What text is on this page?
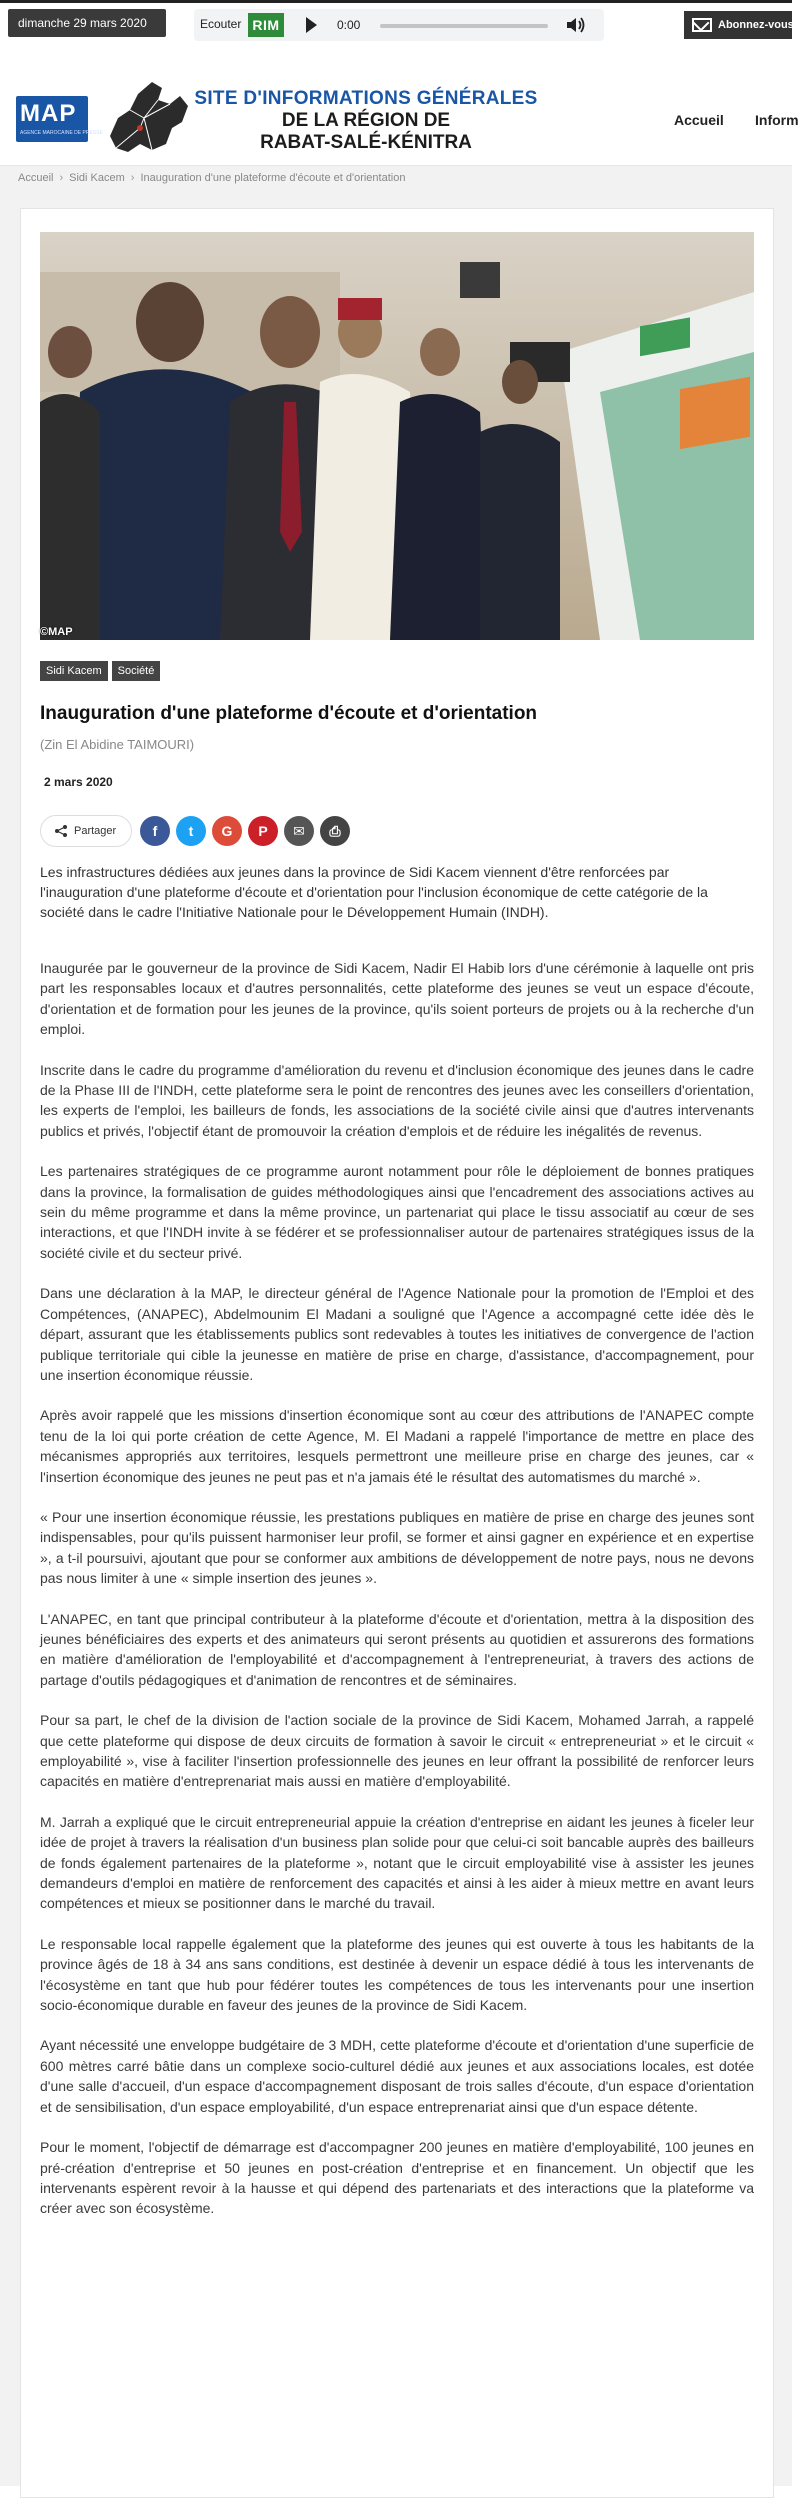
dimanche 29 mars 2020	Ecouter RIM	0:00	Abonnez-vous
MAP
AGENCE MAROCAINE DE PRESSE
SITE D'INFORMATIONS GÉNÉRALES
DE LA RÉGION DE
RABAT-SALÉ-KÉNITRA
Accueil Inform
Accueil › Sidi Kacem › Inauguration d'une plateforme d'écoute et d'orientation
©MAP
Sidi Kacem Société
Inauguration d'une plateforme d'écoute et d'orientation
(Zin El Abidine TAIMOURI)
2 mars 2020
Partager	f	t	G	P	✉	⎙

Les infrastructures dédiées aux jeunes dans la province de Sidi Kacem viennent d'être renforcées par l'inauguration d'une plateforme d'écoute et d'orientation pour l'inclusion économique de cette catégorie de la société dans le cadre l'Initiative Nationale pour le Développement Humain (INDH).

Inaugurée par le gouverneur de la province de Sidi Kacem, Nadir El Habib lors d'une cérémonie à laquelle ont pris part les responsables locaux et d'autres personnalités, cette plateforme des jeunes se veut un espace d'écoute, d'orientation et de formation pour les jeunes de la province, qu'ils soient porteurs de projets ou à la recherche d'un emploi.

Inscrite dans le cadre du programme d'amélioration du revenu et d'inclusion économique des jeunes dans le cadre de la Phase III de l'INDH, cette plateforme sera le point de rencontres des jeunes avec les conseillers d'orientation, les experts de l'emploi, les bailleurs de fonds, les associations de la société civile ainsi que d'autres intervenants publics et privés, l'objectif étant de promouvoir la création d'emplois et de réduire les inégalités de revenus.

Les partenaires stratégiques de ce programme auront notamment pour rôle le déploiement de bonnes pratiques dans la province, la formalisation de guides méthodologiques ainsi que l'encadrement des associations actives au sein du même programme et dans la même province, un partenariat qui place le tissu associatif au cœur de ses interactions, et que l'INDH invite à se fédérer et se professionnaliser autour de partenaires stratégiques issus de la société civile et du secteur privé.

Dans une déclaration à la MAP, le directeur général de l'Agence Nationale pour la promotion de l'Emploi et des Compétences, (ANAPEC), Abdelmounim El Madani a souligné que l'Agence a accompagné cette idée dès le départ, assurant que les établissements publics sont redevables à toutes les initiatives de convergence de l'action publique territoriale qui cible la jeunesse en matière de prise en charge, d'assistance, d'accompagnement, pour une insertion économique réussie.

Après avoir rappelé que les missions d'insertion économique sont au cœur des attributions de l'ANAPEC compte tenu de la loi qui porte création de cette Agence, M. El Madani a rappelé l'importance de mettre en place des mécanismes appropriés aux territoires, lesquels permettront une meilleure prise en charge des jeunes, car « l'insertion économique des jeunes ne peut pas et n'a jamais été le résultat des automatismes du marché ».

« Pour une insertion économique réussie, les prestations publiques en matière de prise en charge des jeunes sont indispensables, pour qu'ils puissent harmoniser leur profil, se former et ainsi gagner en expérience et en expertise », a t-il poursuivi, ajoutant que pour se conformer aux ambitions de développement de notre pays, nous ne devons pas nous limiter à une « simple insertion des jeunes ».

L'ANAPEC, en tant que principal contributeur à la plateforme d'écoute et d'orientation, mettra à la disposition des jeunes bénéficiaires des experts et des animateurs qui seront présents au quotidien et assurerons des formations en matière d'amélioration de l'employabilité et d'accompagnement à l'entrepreneuriat, à travers des actions de partage d'outils pédagogiques et d'animation de rencontres et de séminaires.

Pour sa part, le chef de la division de l'action sociale de la province de Sidi Kacem, Mohamed Jarrah, a rappelé que cette plateforme qui dispose de deux circuits de formation à savoir le circuit « entrepreneuriat » et le circuit « employabilité », vise à faciliter l'insertion professionnelle des jeunes en leur offrant la possibilité de renforcer leurs capacités en matière d'entreprenariat mais aussi en matière d'employabilité.

M. Jarrah a expliqué que le circuit entrepreneurial appuie la création d'entreprise en aidant les jeunes à ficeler leur idée de projet à travers la réalisation d'un business plan solide pour que celui-ci soit bancable auprès des bailleurs de fonds également partenaires de la plateforme », notant que le circuit employabilité vise à assister les jeunes demandeurs d'emploi en matière de renforcement des capacités et ainsi à les aider à mieux mettre en avant leurs compétences et mieux se positionner dans le marché du travail.

Le responsable local rappelle également que la plateforme des jeunes qui est ouverte à tous les habitants de la province âgés de 18 à 34 ans sans conditions, est destinée à devenir un espace dédié à tous les intervenants de l'écosystème en tant que hub pour fédérer toutes les compétences de tous les intervenants pour une insertion socio-économique durable en faveur des jeunes de la province de Sidi Kacem.

Ayant nécessité une enveloppe budgétaire de 3 MDH, cette plateforme d'écoute et d'orientation d'une superficie de 600 mètres carré bâtie dans un complexe socio-culturel dédié aux jeunes et aux associations locales, est dotée d'une salle d'accueil, d'un espace d'accompagnement disposant de trois salles d'écoute, d'un espace d'orientation et de sensibilisation, d'un espace employabilité, d'un espace entreprenariat ainsi que d'un espace détente.

Pour le moment, l'objectif de démarrage est d'accompagner 200 jeunes en matière d'employabilité, 100 jeunes en pré-création d'entreprise et 50 jeunes en post-création d'entreprise et en financement. Un objectif que les intervenants espèrent revoir à la hausse et qui dépend des partenariats et des interactions que la plateforme va créer avec son écosystème.
